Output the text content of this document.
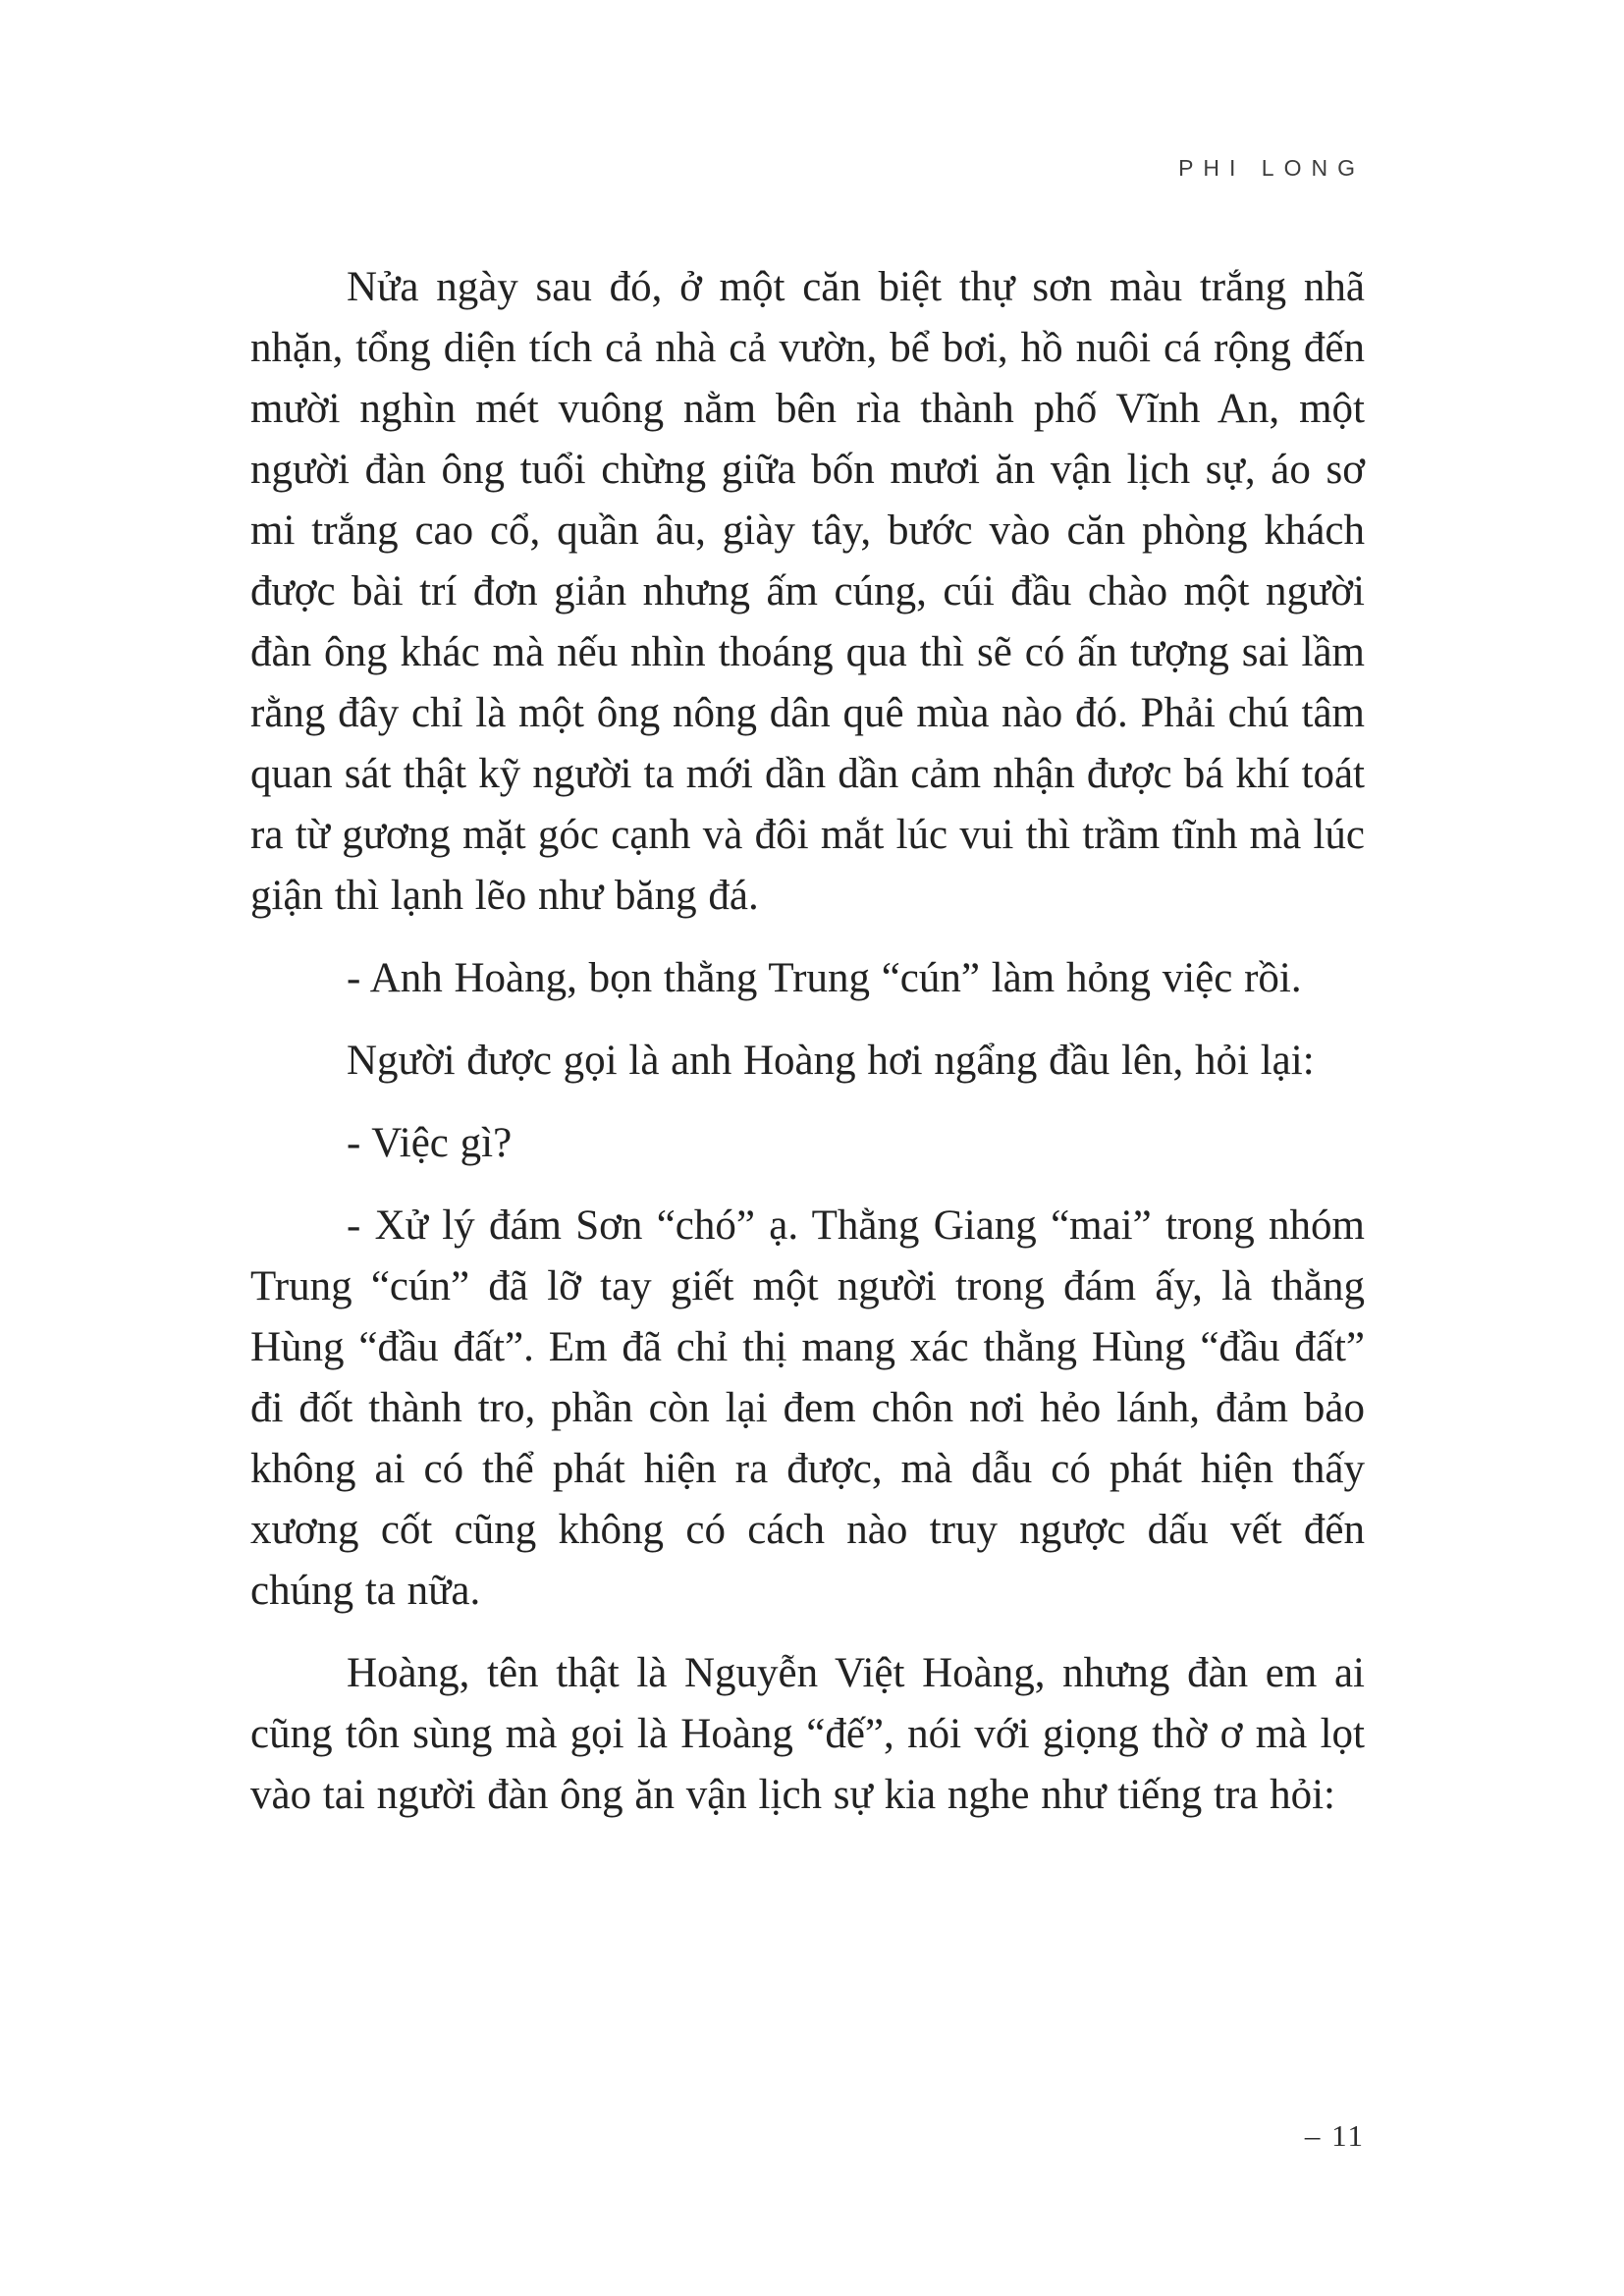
PHI LONG

Nửa ngày sau đó, ở một căn biệt thự sơn màu trắng nhã nhặn, tổng diện tích cả nhà cả vườn, bể bơi, hồ nuôi cá rộng đến mười nghìn mét vuông nằm bên rìa thành phố Vĩnh An, một người đàn ông tuổi chừng giữa bốn mươi ăn vận lịch sự, áo sơ mi trắng cao cổ, quần âu, giày tây, bước vào căn phòng khách được bài trí đơn giản nhưng ấm cúng, cúi đầu chào một người đàn ông khác mà nếu nhìn thoáng qua thì sẽ có ấn tượng sai lầm rằng đây chỉ là một ông nông dân quê mùa nào đó. Phải chú tâm quan sát thật kỹ người ta mới dần dần cảm nhận được bá khí toát ra từ gương mặt góc cạnh và đôi mắt lúc vui thì trầm tĩnh mà lúc giận thì lạnh lẽo như băng đá.

- Anh Hoàng, bọn thằng Trung “cún” làm hỏng việc rồi.

Người được gọi là anh Hoàng hơi ngẩng đầu lên, hỏi lại:

- Việc gì?

- Xử lý đám Sơn “chó” ạ. Thằng Giang “mai” trong nhóm Trung “cún” đã lỡ tay giết một người trong đám ấy, là thằng Hùng “đầu đất”. Em đã chỉ thị mang xác thằng Hùng “đầu đất” đi đốt thành tro, phần còn lại đem chôn nơi hẻo lánh, đảm bảo không ai có thể phát hiện ra được, mà dẫu có phát hiện thấy xương cốt cũng không có cách nào truy ngược dấu vết đến chúng ta nữa.

Hoàng, tên thật là Nguyễn Việt Hoàng, nhưng đàn em ai cũng tôn sùng mà gọi là Hoàng “đế”, nói với giọng thờ ơ mà lọt vào tai người đàn ông ăn vận lịch sự kia nghe như tiếng tra hỏi:

– 11
